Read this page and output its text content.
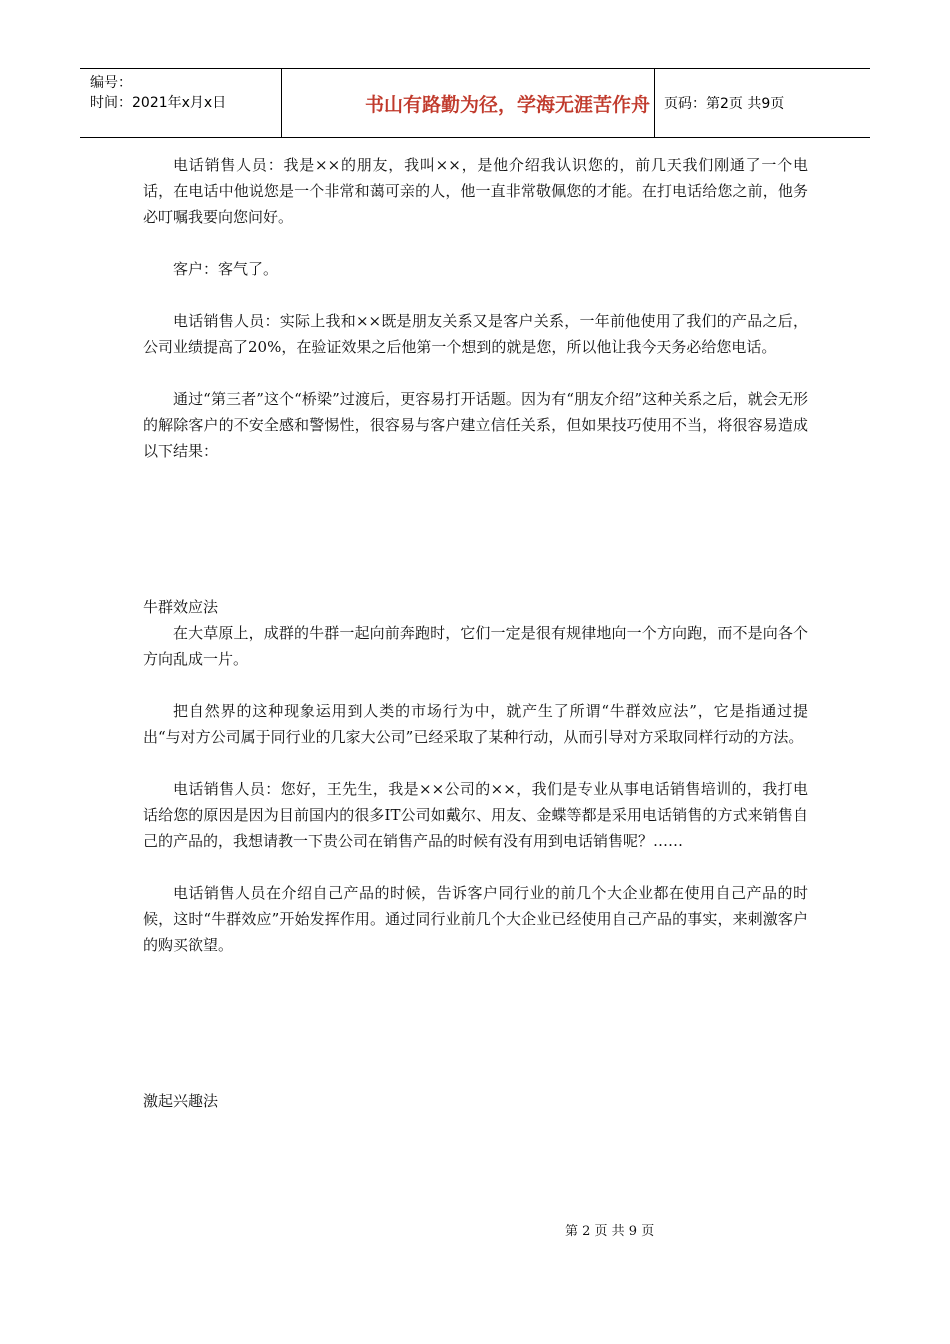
编号：
时间：2021年x月x日	书山有路勤为径，学海无涯苦作舟	页码：第2页 共9页

电话销售人员：我是××的朋友，我叫××，是他介绍我认识您的，前几天我们刚通了一个电话，在电话中他说您是一个非常和蔼可亲的人，他一直非常敬佩您的才能。在打电话给您之前，他务必叮嘱我要向您问好。

客户：客气了。

电话销售人员：实际上我和××既是朋友关系又是客户关系，一年前他使用了我们的产品之后，公司业绩提高了20%，在验证效果之后他第一个想到的就是您，所以他让我今天务必给您电话。

通过“第三者”这个“桥梁”过渡后，更容易打开话题。因为有“朋友介绍”这种关系之后，就会无形的解除客户的不安全感和警惕性，很容易与客户建立信任关系，但如果技巧使用不当，将很容易造成以下结果：

牛群效应法

在大草原上，成群的牛群一起向前奔跑时，它们一定是很有规律地向一个方向跑，而不是向各个方向乱成一片。

把自然界的这种现象运用到人类的市场行为中，就产生了所谓“牛群效应法”，它是指通过提出“与对方公司属于同行业的几家大公司”已经采取了某种行动，从而引导对方采取同样行动的方法。

电话销售人员：您好，王先生，我是××公司的××，我们是专业从事电话销售培训的，我打电话给您的原因是因为目前国内的很多IT公司如戴尔、用友、金蝶等都是采用电话销售的方式来销售自己的产品的，我想请教一下贵公司在销售产品的时候有没有用到电话销售呢？……

电话销售人员在介绍自己产品的时候，告诉客户同行业的前几个大企业都在使用自己产品的时候，这时“牛群效应”开始发挥作用。通过同行业前几个大企业已经使用自己产品的事实，来刺激客户的购买欲望。

激起兴趣法

第 2 页 共 9 页
